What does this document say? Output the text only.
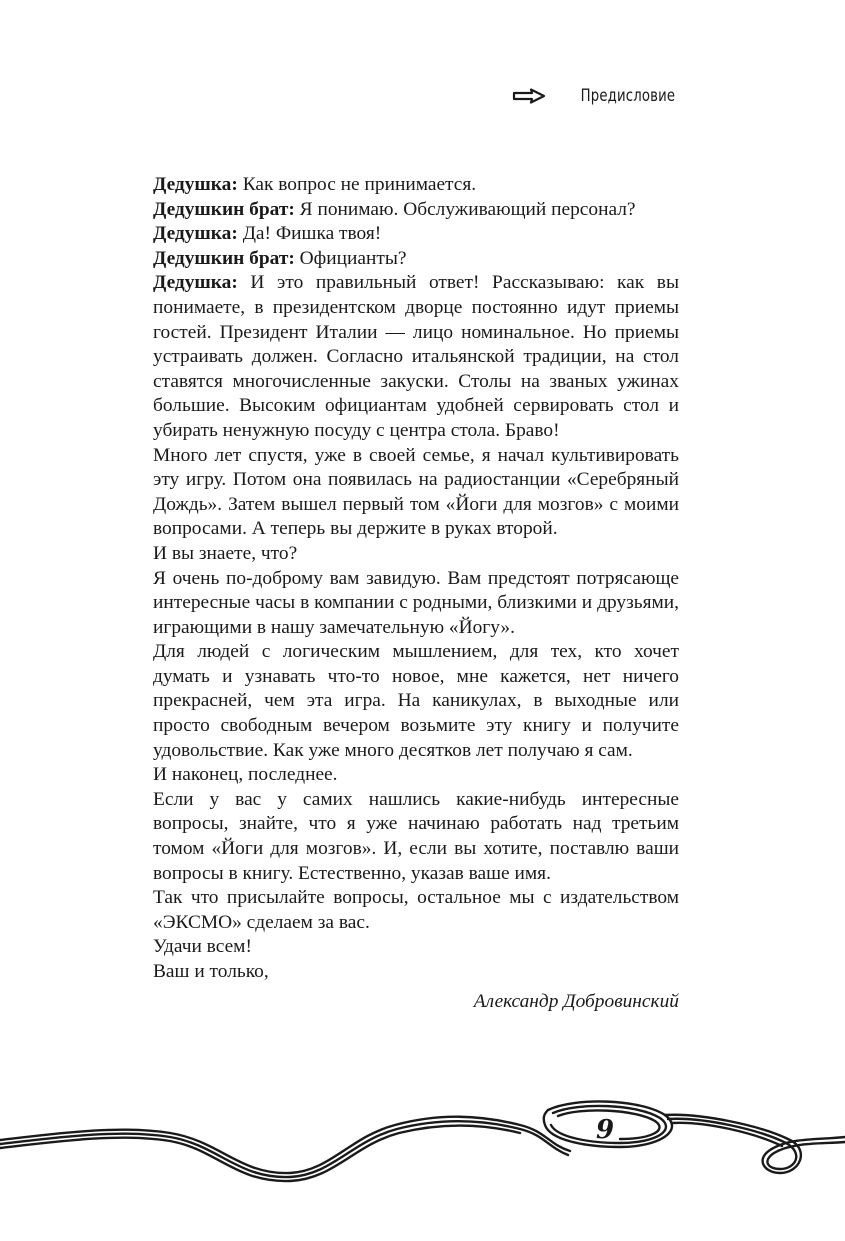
Предисловие

Дедушка: Как вопрос не принимается.

Дедушкин брат: Я понимаю. Обслуживающий персонал?

Дедушка: Да! Фишка твоя!

Дедушкин брат: Официанты?

Дедушка: И это правильный ответ! Рассказываю: как вы понимаете, в президентском дворце постоянно идут приемы гостей. Президент Италии — лицо номинальное. Но приемы устраивать должен. Согласно итальянской традиции, на стол ставятся многочисленные закуски. Столы на званых ужинах большие. Высоким официантам удобней сервировать стол и убирать ненужную посуду с центра стола. Браво!

Много лет спустя, уже в своей семье, я начал культивировать эту игру. Потом она появилась на радиостанции «Серебряный Дождь». Затем вышел первый том «Йоги для мозгов» с моими вопросами. А теперь вы держите в руках второй.

И вы знаете, что?

Я очень по-доброму вам завидую. Вам предстоят потрясающе интересные часы в компании с родными, близкими и друзьями, играющими в нашу замечательную «Йогу».

Для людей с логическим мышлением, для тех, кто хочет думать и узнавать что-то новое, мне кажется, нет ничего прекрасней, чем эта игра. На каникулах, в выходные или просто свободным вечером возьмите эту книгу и получите удовольствие. Как уже много десятков лет получаю я сам.

И наконец, последнее.

Если у вас у самих нашлись какие-нибудь интересные вопросы, знайте, что я уже начинаю работать над третьим томом «Йоги для мозгов». И, если вы хотите, поставлю ваши вопросы в книгу. Естественно, указав ваше имя.

Так что присылайте вопросы, остальное мы с издательством «ЭКСМО» сделаем за вас.

Удачи всем!

Ваш и только,

Александр Добровинский
9
